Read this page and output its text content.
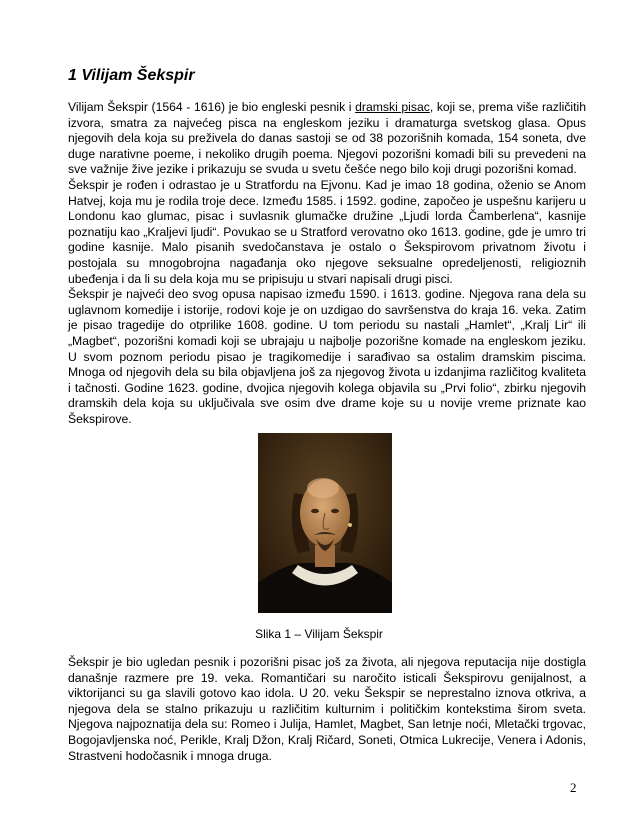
1 Vilijam Šekspir

Vilijam Šekspir (1564 - 1616) je bio engleski pesnik i dramski pisac, koji se, prema više različitih izvora, smatra za najvećeg pisca na engleskom jeziku i dramaturga svetskog glasa. Opus njegovih dela koja su preživela do danas sastoji se od 38 pozorišnih komada, 154 soneta, dve duge narativne poeme, i nekoliko drugih poema. Njegovi pozorišni komadi bili su prevedeni na sve važnije žive jezike i prikazuju se svuda u svetu češće nego bilo koji drugi pozorišni komad.

Šekspir je rođen i odrastao je u Stratfordu na Ejvonu. Kad je imao 18 godina, oženio se Anom Hatvej, koja mu je rodila troje dece. Između 1585. i 1592. godine, započeo je uspešnu karijeru u Londonu kao glumac, pisac i suvlasnik glumačke družine „Ljudi lorda Čamberlena“, kasnije poznatiju kao „Kraljevi ljudi“. Povukao se u Stratford verovatno oko 1613. godine, gde je umro tri godine kasnije. Malo pisanih svedočanstava je ostalo o Šekspirovom privatnom životu i postojala su mnogobrojna nagađanja oko njegove seksualne opredeljenosti, religioznih ubeđenja i da li su dela koja mu se pripisuju u stvari napisali drugi pisci.

Šekspir je najveći deo svog opusa napisao između 1590. i 1613. godine. Njegova rana dela su uglavnom komedije i istorije, rodovi koje je on uzdigao do savršenstva do kraja 16. veka. Zatim je pisao tragedije do otprilike 1608. godine. U tom periodu su nastali „Hamlet“, „Kralj Lir“ ili „Magbet“, pozorišni komadi koji se ubrajaju u najbolje pozorišne komade na engleskom jeziku. U svom poznom periodu pisao je tragikomedije i sarađivao sa ostalim dramskim piscima. Mnoga od njegovih dela su bila objavljena još za njegovog života u izdanjima različitog kvaliteta i tačnosti. Godine 1623. godine, dvojica njegovih kolega objavila su „Prvi folio“, zbirku njegovih dramskih dela koja su uključivala sve osim dve drame koje su u novije vreme priznate kao Šekspirove.

Slika 1 – Vilijam Šekspir
Šekspir je bio ugledan pesnik i pozorišni pisac još za života, ali njegova reputacija nije dostigla današnje razmere pre 19. veka. Romantičari su naročito isticali Šekspirovu genijalnost, a viktorijanci su ga slavili gotovo kao idola. U 20. veku Šekspir se neprestalno iznova otkriva, a njegova dela se stalno prikazuju u različitim kulturnim i političkim kontekstima širom sveta. Njegova najpoznatija dela su: Romeo i Julija, Hamlet, Magbet, San letnje noći, Mletački trgovac, Bogojavljenska noć, Perikle, Kralj Džon, Kralj Ričard, Soneti, Otmica Lukrecije, Venera i Adonis, Strastveni hodočasnik i mnoga druga.
2
